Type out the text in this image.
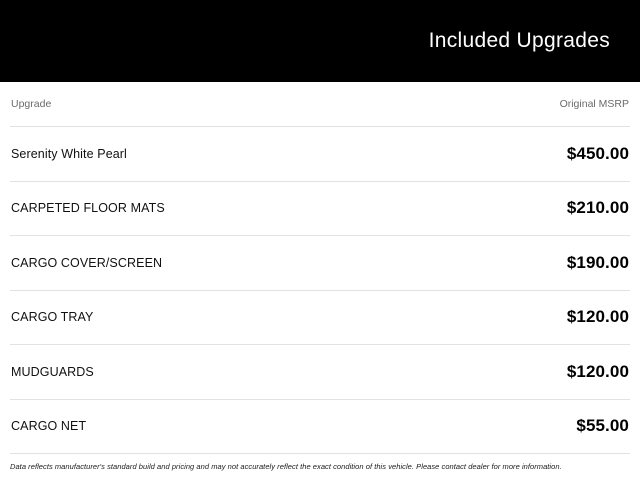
Included Upgrades
Upgrade	Original MSRP
Serenity White Pearl	$450.00
CARPETED FLOOR MATS	$210.00
CARGO COVER/SCREEN	$190.00
CARGO TRAY	$120.00
MUDGUARDS	$120.00
CARGO NET	$55.00
Data reflects manufacturer's standard build and pricing and may not accurately reflect the exact condition of this vehicle. Please contact dealer for more information.
